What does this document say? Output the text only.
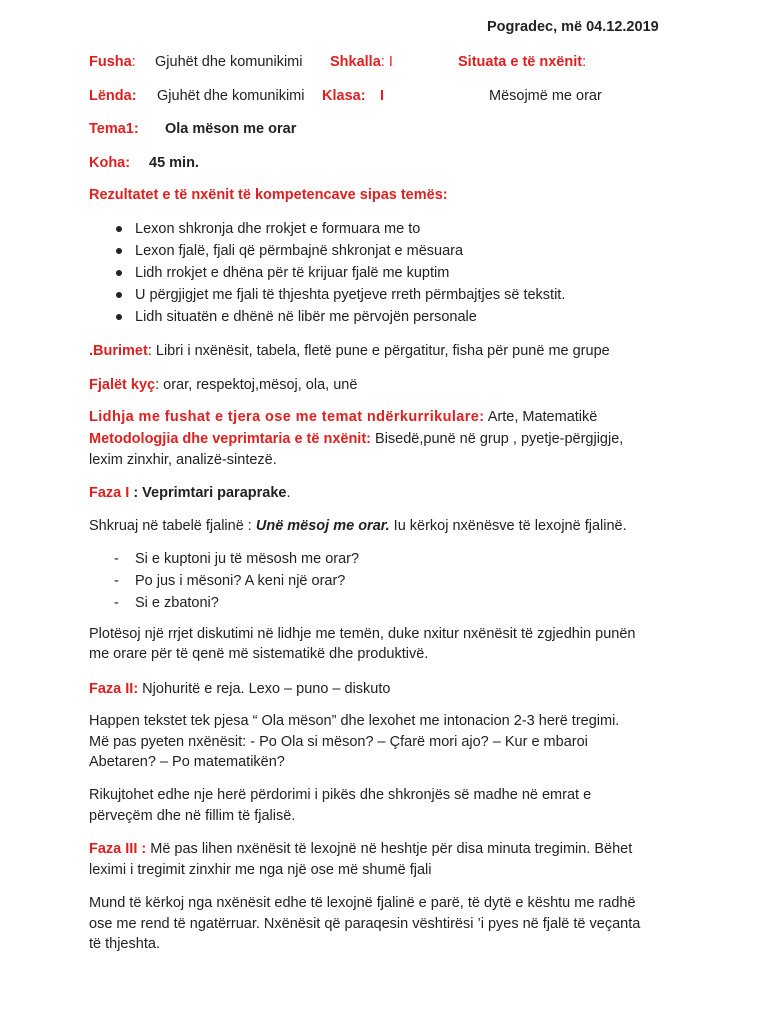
Pogradec, më 04.12.2019
Fusha: Gjuhët dhe komunikimi Shkalla: I	Situata e të nxënit:
Lënda: Gjuhët dhe komunikimi Klasa: I	Mësojmë me orar
Tema1: Ola mëson me orar
Koha: 45 min.
Rezultatet e të nxënit të kompetencave sipas temës:
Lexon shkronja dhe rrokjet e formuara me to
Lexon fjalë, fjali që përmbajnë shkronjat e mësuara
Lidh rrokjet e dhëna për të krijuar fjalë me kuptim
U përgjigjet me fjali të thjeshta pyetjeve rreth përmbajtjes së tekstit.
Lidh situatën e dhënë në libër me përvojën personale
.Burimet: Libri i nxënësit, tabela, fletë pune e përgatitur, fisha për punë me grupe
Fjalët kyç: orar, respektoj,mësoj, ola, unë
Lidhja me fushat e tjera ose me temat ndërkurrikulare: Arte, Matematikë
Metodologjia dhe veprimtaria e të nxënit: Bisedë,punë në grup , pyetje-përgjigje,
lexim zinxhir, analizë-sintezë.
Faza I : Veprimtari paraprake.
Shkruaj në tabelë fjalinë : Unë mësoj me orar. Iu kërkoj nxënësve të lexojnë fjalinë.
- Si e kuptoni ju të mësosh me orar?
- Po jus i mësoni? A keni një orar?
- Si e zbatoni?
Plotësoj një rrjet diskutimi në lidhje me temën, duke nxitur nxënësit të zgjedhin punën
me orare për të qenë më sistematikë dhe produktivë.
Faza II: Njohuritë e reja. Lexo – puno – diskuto
Happen tekstet tek pjesa “ Ola mëson” dhe lexohet me intonacion 2-3 herë tregimi.
Më pas pyeten nxënësit: - Po Ola si mëson? – Çfarë mori ajo? – Kur e mbaroi
Abetaren? – Po matematikën?
Rikujtohet edhe nje herë përdorimi i pikës dhe shkronjës së madhe në emrat e
përveçëm dhe në fillim të fjalisë.
Faza III : Më pas lihen nxënësit të lexojnë në heshtje për disa minuta tregimin. Bëhet
leximi i tregimit zinxhir me nga një ose më shumë fjali
Mund të kërkoj nga nxënësit edhe të lexojnë fjalinë e parë, të dytë e kështu me radhë
ose me rend të ngatërruar. Nxënësit që paraqesin vështirësi ’i pyes në fjalë të veçanta
të thjeshta.
